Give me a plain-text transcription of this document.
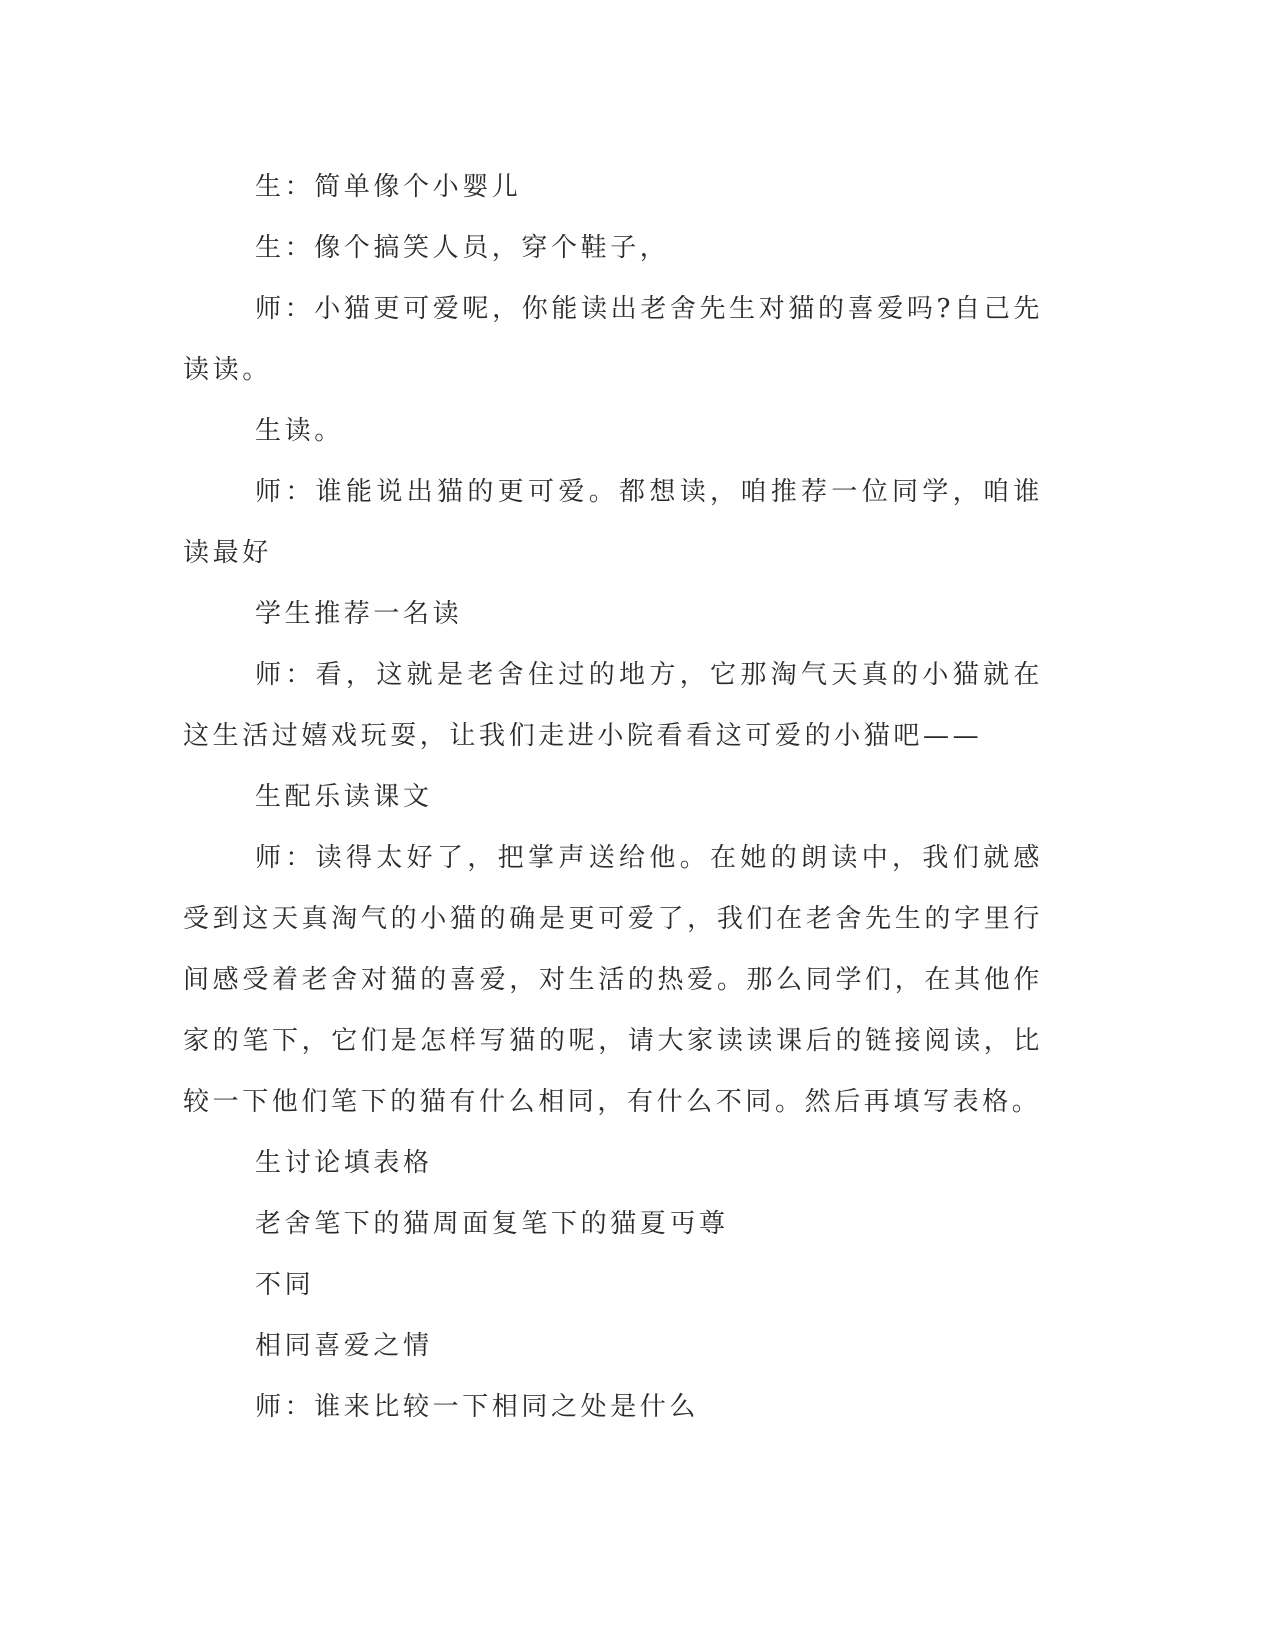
生：简单像个小婴儿

生：像个搞笑人员，穿个鞋子，

师：小猫更可爱呢，你能读出老舍先生对猫的喜爱吗?自己先读读。

生读。

师：谁能说出猫的更可爱。都想读，咱推荐一位同学，咱谁读最好

学生推荐一名读

师：看，这就是老舍住过的地方，它那淘气天真的小猫就在这生活过嬉戏玩耍，让我们走进小院看看这可爱的小猫吧——

生配乐读课文

师：读得太好了，把掌声送给他。在她的朗读中，我们就感受到这天真淘气的小猫的确是更可爱了，我们在老舍先生的字里行间感受着老舍对猫的喜爱，对生活的热爱。那么同学们，在其他作家的笔下，它们是怎样写猫的呢，请大家读读课后的链接阅读，比较一下他们笔下的猫有什么相同，有什么不同。然后再填写表格。

生讨论填表格

老舍笔下的猫周面复笔下的猫夏丏尊

不同

相同喜爱之情

师：谁来比较一下相同之处是什么
